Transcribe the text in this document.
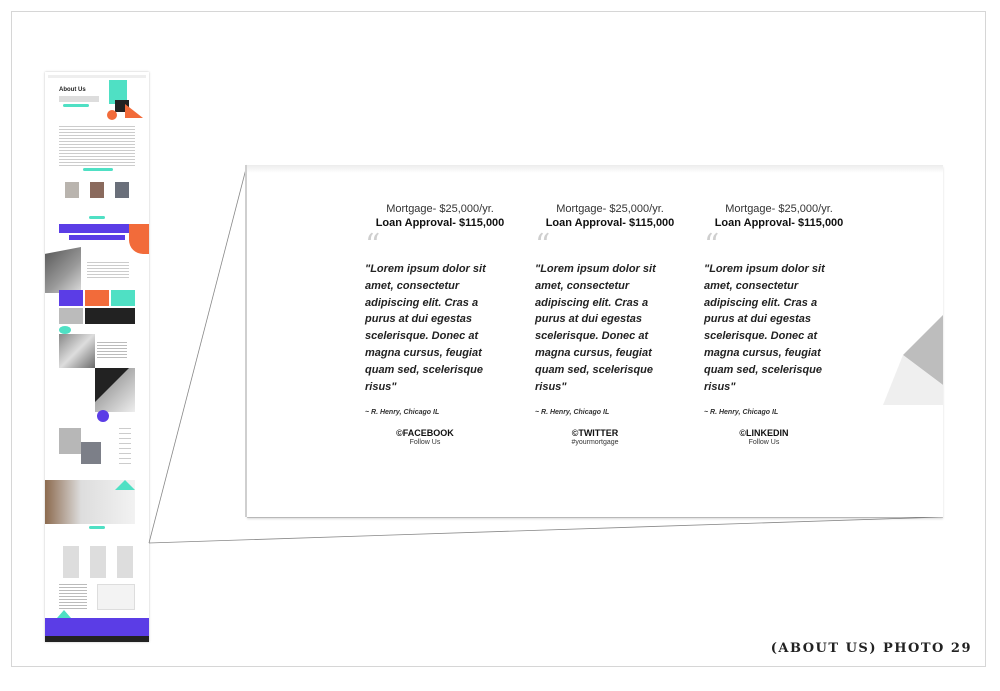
About Us
Mortgage- $25,000/yr.
Loan Approval- $115,000
“
"Lorem ipsum dolor sit amet, consectetur adipiscing elit. Cras a purus at dui egestas scelerisque. Donec at magna cursus, feugiat quam sed, scelerisque risus"
~ R. Henry, Chicago IL
©FACEBOOK
Follow Us
Mortgage- $25,000/yr.
Loan Approval- $115,000
“
"Lorem ipsum dolor sit amet, consectetur adipiscing elit. Cras a purus at dui egestas scelerisque. Donec at magna cursus, feugiat quam sed, scelerisque risus"
~ R. Henry, Chicago IL
©TWITTER
#yourmortgage
Mortgage- $25,000/yr.
Loan Approval- $115,000
“
"Lorem ipsum dolor sit amet, consectetur adipiscing elit. Cras a purus at dui egestas scelerisque. Donec at magna cursus, feugiat quam sed, scelerisque risus"
~ R. Henry, Chicago IL
©LINKEDIN
Follow Us
(ABOUT US) PHOTO 29
